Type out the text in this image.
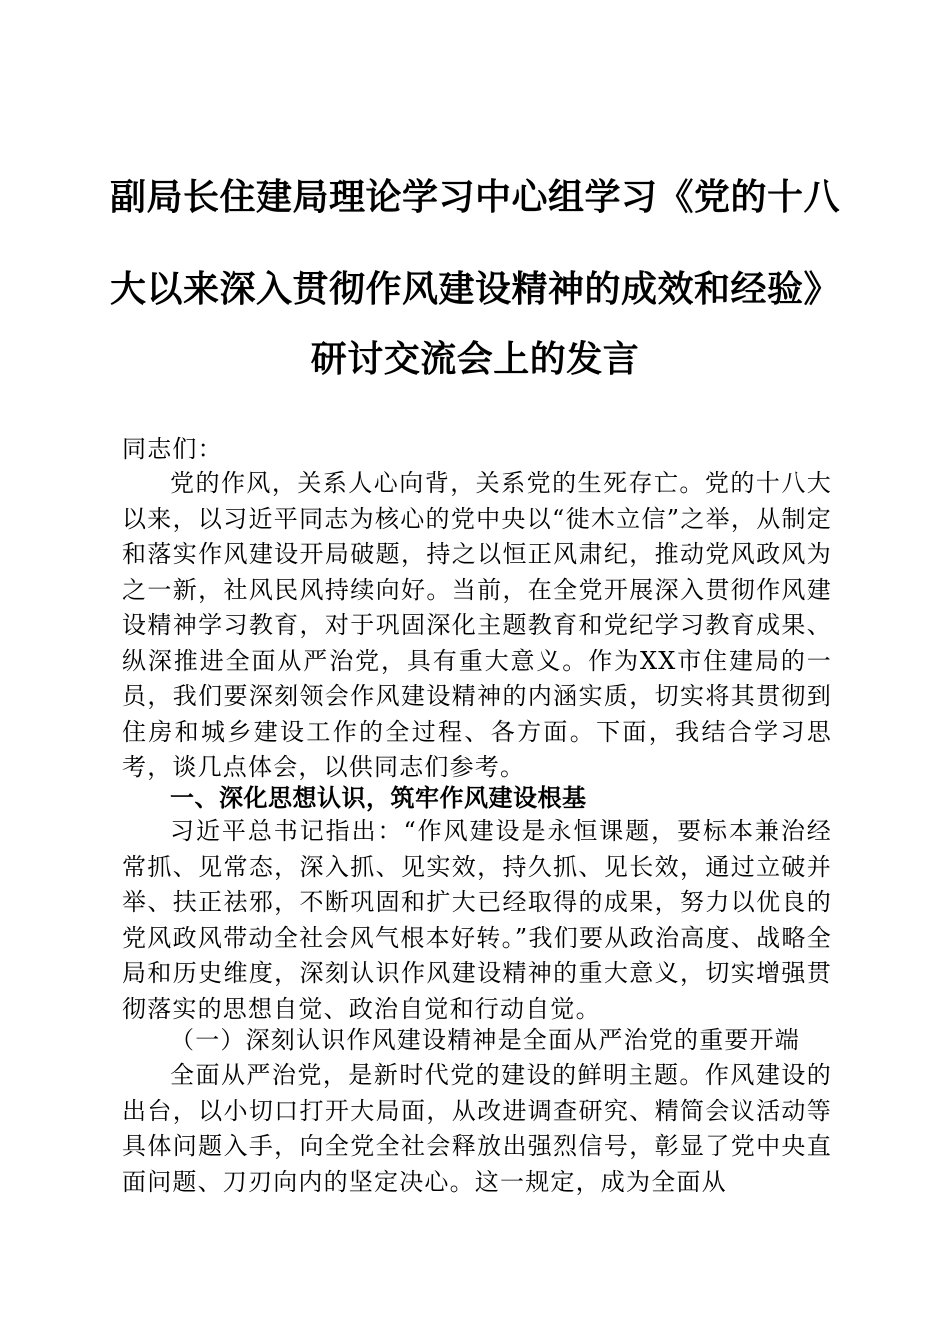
副局长住建局理论学习中心组学习《党的十八
大以来深入贯彻作风建设精神的成效和经验》
研讨交流会上的发言
同志们：
党的作风，关系人心向背，关系党的生死存亡。党的十八大以来，以习近平同志为核心的党中央以“徙木立信”之举，从制定和落实作风建设开局破题，持之以恒正风肃纪，推动党风政风为之一新，社风民风持续向好。当前，在全党开展深入贯彻作风建设精神学习教育，对于巩固深化主题教育和党纪学习教育成果、纵深推进全面从严治党，具有重大意义。作为XX市住建局的一员，我们要深刻领会作风建设精神的内涵实质，切实将其贯彻到住房和城乡建设工作的全过程、各方面。下面，我结合学习思考，谈几点体会，以供同志们参考。
一、深化思想认识，筑牢作风建设根基
习近平总书记指出：“作风建设是永恒课题，要标本兼治经常抓、见常态，深入抓、见实效，持久抓、见长效，通过立破并举、扶正祛邪，不断巩固和扩大已经取得的成果，努力以优良的党风政风带动全社会风气根本好转。”我们要从政治高度、战略全局和历史维度，深刻认识作风建设精神的重大意义，切实增强贯彻落实的思想自觉、政治自觉和行动自觉。
（一）深刻认识作风建设精神是全面从严治党的重要开端
全面从严治党，是新时代党的建设的鲜明主题。作风建设的出台，以小切口打开大局面，从改进调查研究、精简会议活动等具体问题入手，向全党全社会释放出强烈信号，彰显了党中央直面问题、刀刃向内的坚定决心。这一规定，成为全面从
